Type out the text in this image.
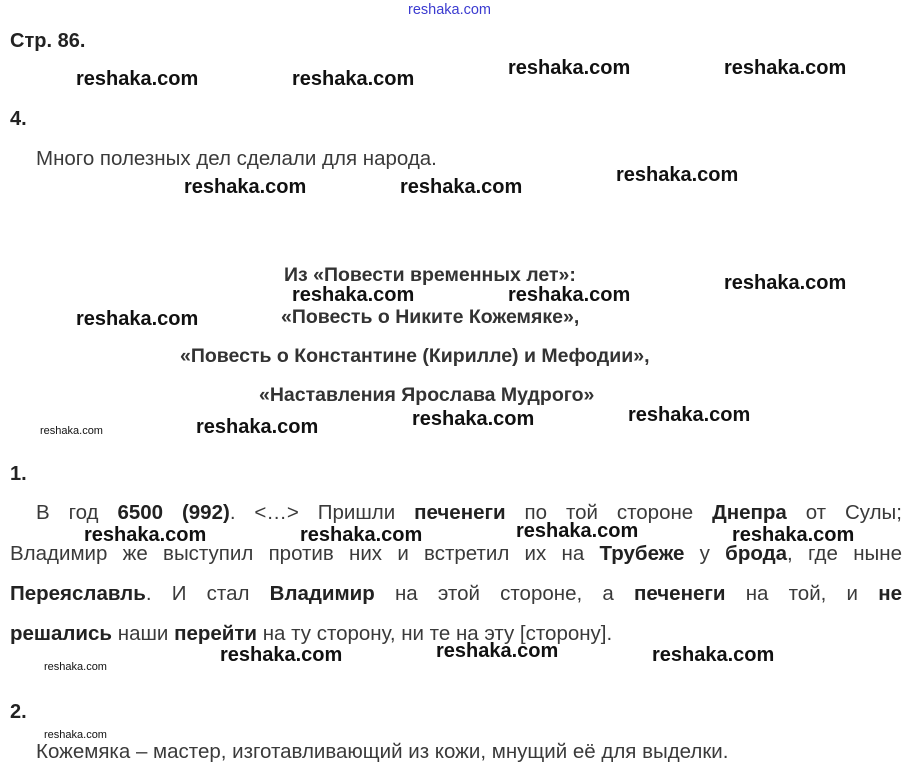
reshaka.com
Стр. 86.
reshaka.com	reshaka.com	reshaka.com	reshaka.com
4.
Много полезных дел сделали для народа.
reshaka.com	reshaka.com
reshaka.com
Из «Повести временных лет»:	reshaka.com
reshaka.com	reshaka.com
«Повесть о Никите Кожемяке»,
reshaka.com
«Повесть о Константине (Кирилле) и Мефодии»,
«Наставления Ярослава Мудрого»
reshaka.com
reshaka.com
reshaka.com
reshaka.com
1.
В год 6500 (992). <…> Пришли печенеги по той стороне Днепра от Сулы;
reshaka.com
reshaka.com	reshaka.com	reshaka.com
Владимир же выступил против них и встретил их на Трубеже у брода, где ныне
Переяславль. И стал Владимир на этой стороне, а печенеги на той, и не
решались наши перейти на ту сторону, ни те на эту [сторону].
reshaka.com
reshaka.com	reshaka.com
reshaka.com
2.
reshaka.com
Кожемяка – мастер, изготавливающий из кожи, мнущий её для выделки.
